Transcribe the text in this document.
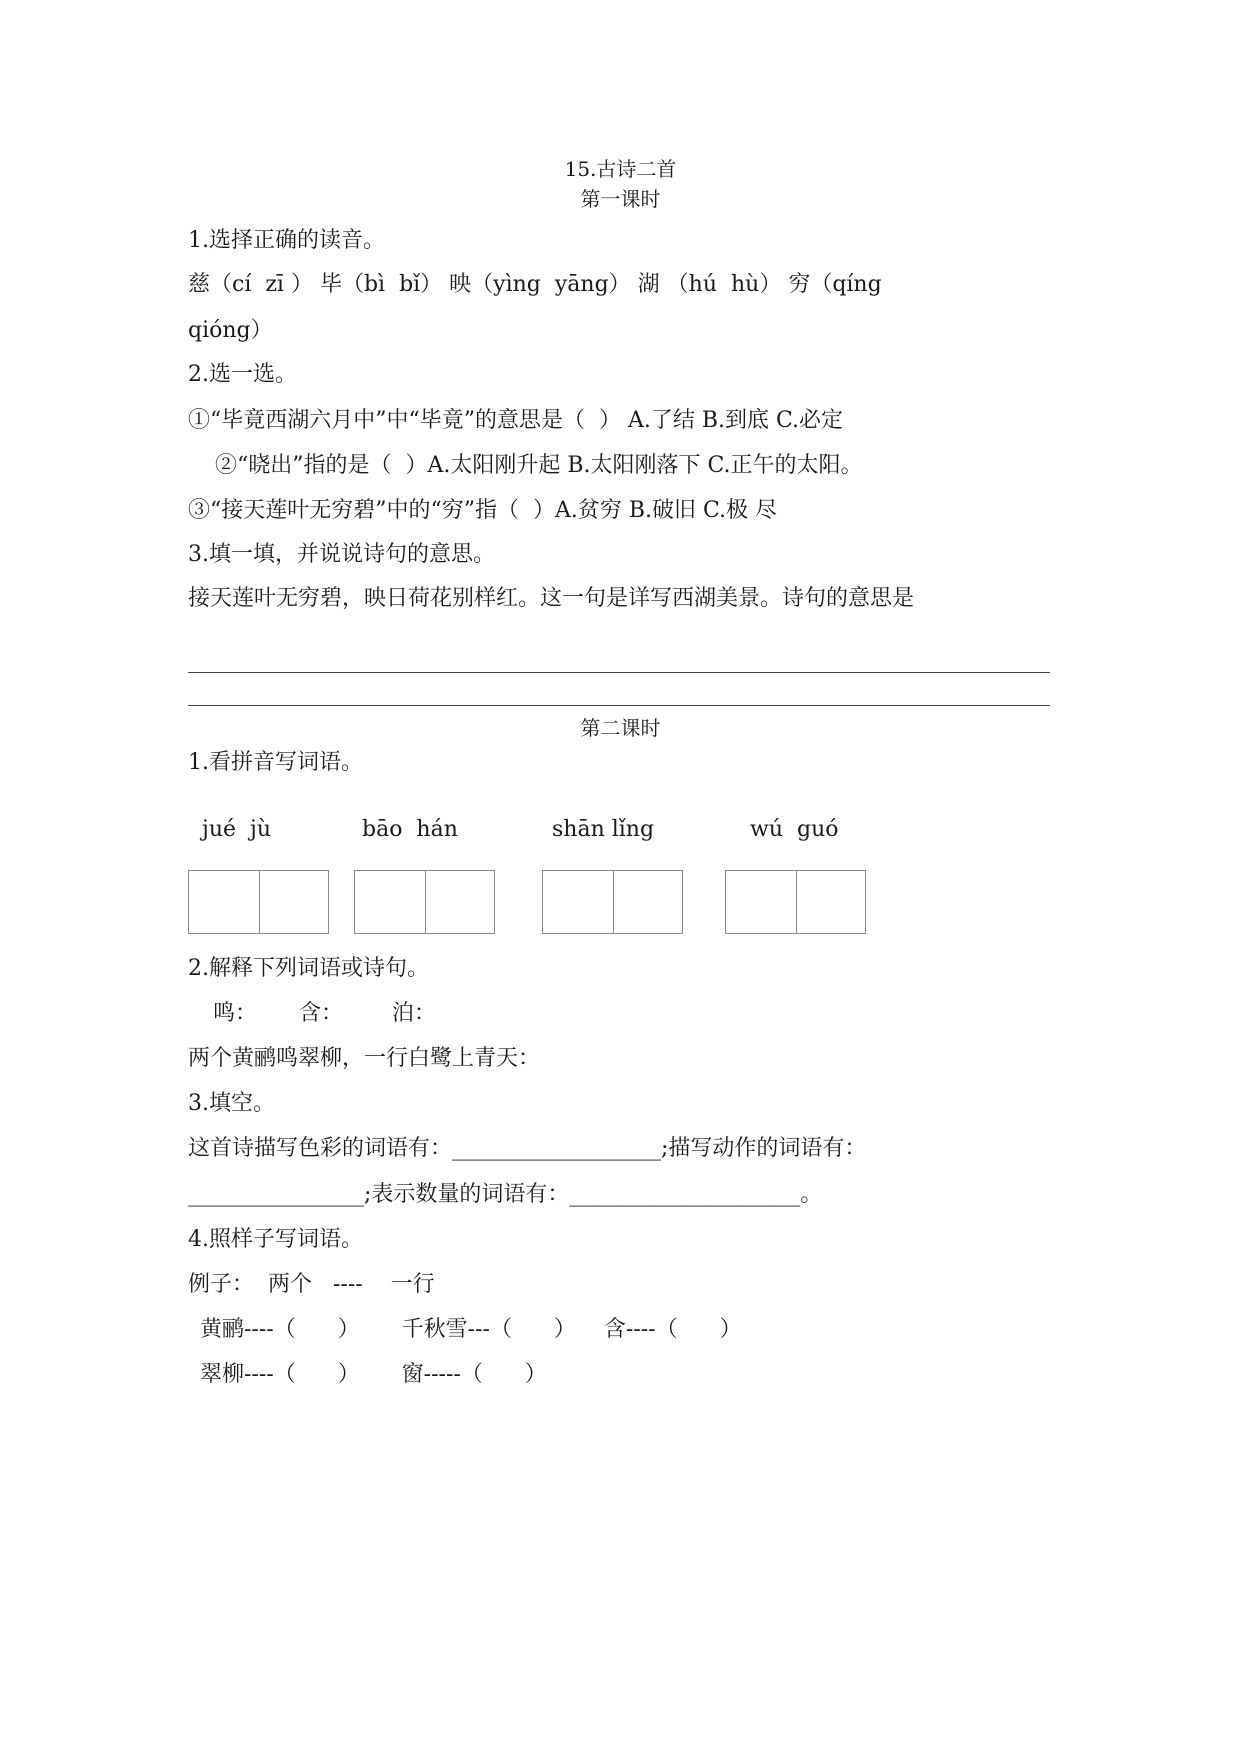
15.古诗二首
第一课时
1.选择正确的读音。
慈（cí  zī ） 毕（bì  bǐ） 映（yìng  yāng） 湖 （hú  hù） 穷（qíng
qióng）
2.选一选。
①“毕竟西湖六月中”中“毕竟”的意思是（  ） A.了结 B.到底 C.必定
②“晓出”指的是（  ）A.太阳刚升起 B.太阳刚落下 C.正午的太阳。
③“接天莲叶无穷碧”中的“穷”指（  ）A.贫穷 B.破旧 C.极 尽
3.填一填，并说说诗句的意思。
接天莲叶无穷碧，映日荷花别样红。这一句是详写西湖美景。诗句的意思是
第二课时
1.看拼音写词语。
jué  jù	bāo  hán	shān lǐng	wú  guó
2.解释下列词语或诗句。
鸣：      含：       泊：
两个黄鹂鸣翠柳，一行白鹭上青天：
3.填空。
这首诗描写色彩的词语有：___________________;描写动作的词语有：
________________;表示数量的词语有：_____________________。
4.照样子写词语。
例子：  两个   ----    一行
黄鹂----（      ）      千秋雪---（      ）    含----（      ）
翠柳----（      ）      窗-----（      ）
